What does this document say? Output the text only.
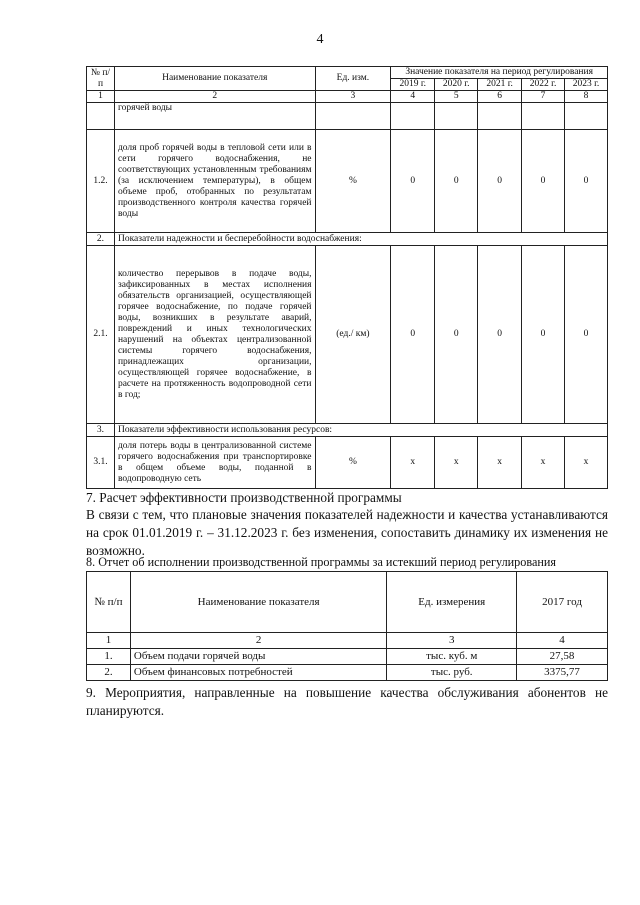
4
№ п/п	Наименование показателя	Ед. изм.	Значение показателя на период регулирования				
			2019 г.	2020 г.	2021 г.	2022 г.	2023 г.
1	2	3	4	5	6	7	8
	горячей воды						
1.2.	доля проб горячей воды в тепловой сети или в сети горячего водоснабжения, не соответствующих установленным требованиям (за исключением температуры), в общем объеме проб, отобранных по результатам производственного контроля качества горячей воды	%	0	0	0	0	0
2.	Показатели надежности и бесперебойности водоснабжения:						
2.1.	количество перерывов в подаче воды, зафиксированных в местах исполнения обязательств организацией, осуществляющей горячее водоснабжение, по подаче горячей воды, возникших в результате аварий, повреждений и иных технологических нарушений на объектах централизованной системы горячего водоснабжения, принадлежащих организации, осуществляющей горячее водоснабжение, в расчете на протяженность водопроводной сети в год;	(ед./ км)	0	0	0	0	0
3.	Показатели эффективности использования ресурсов:						
3.1.	доля потерь воды в централизованной системе горячего водоснабжения при транспортировке в общем объеме воды, поданной в водопроводную сеть	%	x	x	x	x	x
7. Расчет эффективности производственной программы
В связи с тем, что плановые значения показателей надежности и качества устанавливаются на срок 01.01.2019 г. – 31.12.2023 г. без изменения, сопоставить динамику их изменения не возможно.
8. Отчет об исполнении производственной программы за истекший период регулирования
№ п/п	Наименование показателя	Ед. измерения	2017 год
1	2	3	4
1.	Объем подачи горячей воды	тыс. куб. м	27,58
2.	Объем финансовых потребностей	тыс. руб.	3375,77
9. Мероприятия, направленные на повышение качества обслуживания абонентов не планируются.
